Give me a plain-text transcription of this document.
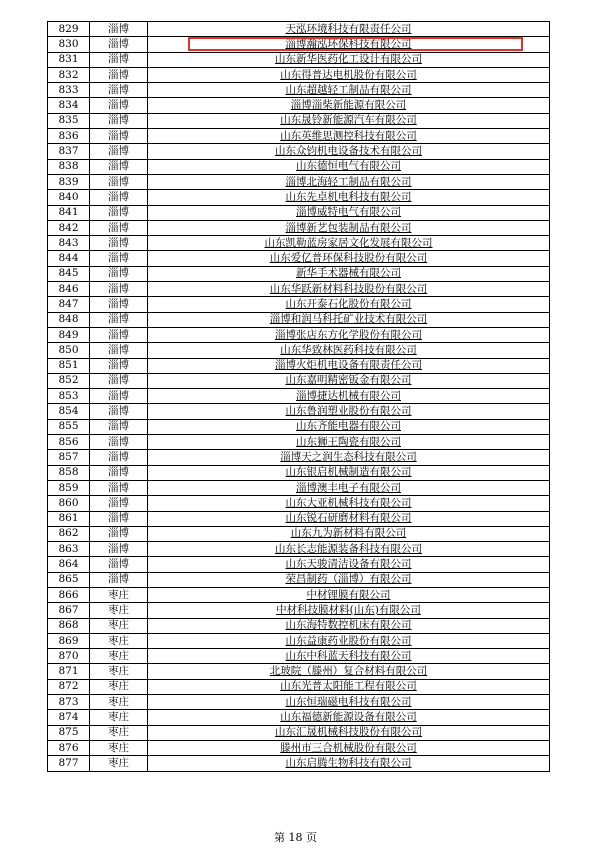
829	淄博	天泓环境科技有限责任公司
830	淄博	淄博瀚泓环保科技有限公司
831	淄博	山东新华医药化工设计有限公司
832	淄博	山东得普达电机股份有限公司
833	淄博	山东超越轻工制品有限公司
834	淄博	淄博淄柴新能源有限公司
835	淄博	山东晟铃新能源汽车有限公司
836	淄博	山东英维思测控科技有限公司
837	淄博	山东众钧机电设备技术有限公司
838	淄博	山东德恒电气有限公司
839	淄博	淄博北海轻工制品有限公司
840	淄博	山东先卓机电科技有限公司
841	淄博	淄博威特电气有限公司
842	淄博	淄博新艺包装制品有限公司
843	淄博	山东凯勒蓝房家居文化发展有限公司
844	淄博	山东爱亿普环保科技股份有限公司
845	淄博	新华手术器械有限公司
846	淄博	山东华跃新材料科技股份有限公司
847	淄博	山东开泰石化股份有限公司
848	淄博	淄博和润马科托矿业技术有限公司
849	淄博	淄博张店东方化学股份有限公司
850	淄博	山东华致林医药科技有限公司
851	淄博	淄博火炬机电设备有限责任公司
852	淄博	山东嘉明精密钣金有限公司
853	淄博	淄博捷达机械有限公司
854	淄博	山东鲁润塑业股份有限公司
855	淄博	山东齐能电器有限公司
856	淄博	山东狮王陶瓷有限公司
857	淄博	淄博天之润生态科技有限公司
858	淄博	山东银启机械制造有限公司
859	淄博	淄博澳丰电子有限公司
860	淄博	山东大亚机械科技有限公司
861	淄博	山东锐石研磨材料有限公司
862	淄博	山东九为新材料有限公司
863	淄博	山东长志能源装备科技有限公司
864	淄博	山东天骏清洁设备有限公司
865	淄博	荣昌制药（淄博）有限公司
866	枣庄	中材锂膜有限公司
867	枣庄	中材科技膜材料(山东)有限公司
868	枣庄	山东海特数控机床有限公司
869	枣庄	山东益康药业股份有限公司
870	枣庄	山东中科蓝天科技有限公司
871	枣庄	北玻院（滕州）复合材料有限公司
872	枣庄	山东光普太阳能工程有限公司
873	枣庄	山东恒瑞磁电科技有限公司
874	枣庄	山东福德新能源设备有限公司
875	枣庄	山东汇晟机械科技股份有限公司
876	枣庄	滕州市三合机械股份有限公司
877	枣庄	山东启腾生物科技有限公司
第 18 页
